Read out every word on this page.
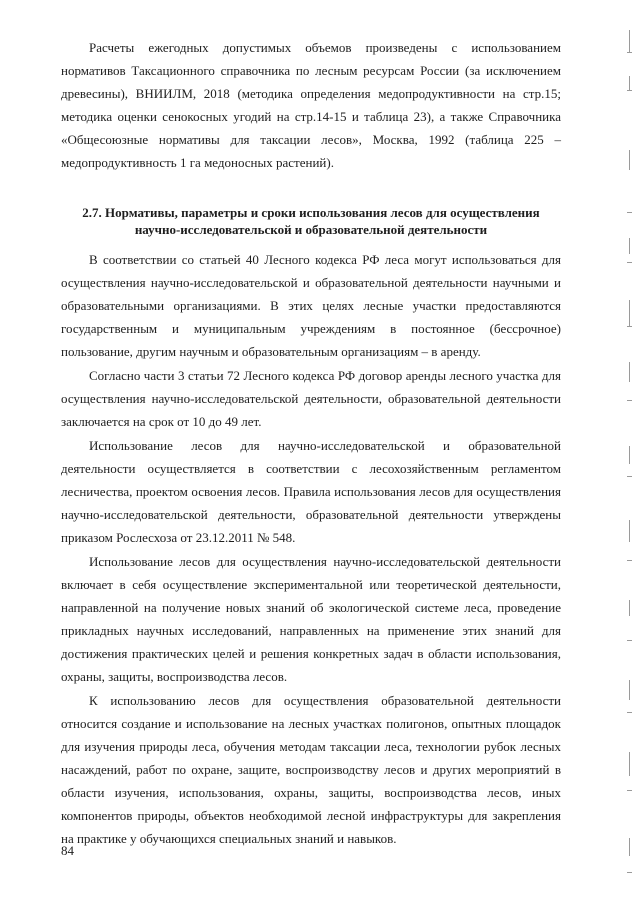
Расчеты ежегодных допустимых объемов произведены с использованием нормативов Таксационного справочника по лесным ресурсам России (за исключением древесины), ВНИИЛМ, 2018 (методика определения медопродуктивности на стр.15; методика оценки сенокосных угодий на стр.14-15 и таблица 23), а также Справочника «Общесоюзные нормативы для таксации лесов», Москва, 1992 (таблица 225 – медопродуктивность 1 га медоносных растений).

2.7. Нормативы, параметры и сроки использования лесов для осуществления
научно-исследовательской и образовательной деятельности

В соответствии со статьей 40 Лесного кодекса РФ леса могут использоваться для осуществления научно-исследовательской и образовательной деятельности научными и образовательными организациями. В этих целях лесные участки предоставляются государственным и муниципальным учреждениям в постоянное (бессрочное) пользование, другим научным и образовательным организациям – в аренду.

Согласно части 3 статьи 72 Лесного кодекса РФ договор аренды лесного участка для осуществления научно-исследовательской деятельности, образовательной деятельности заключается на срок от 10 до 49 лет.

Использование лесов для научно-исследовательской и образовательной деятельности осуществляется в соответствии с лесохозяйственным регламентом лесничества, проектом освоения лесов. Правила использования лесов для осуществления научно-исследовательской деятельности, образовательной деятельности утверждены приказом Рослесхоза от 23.12.2011 № 548.

Использование лесов для осуществления научно-исследовательской деятельности включает в себя осуществление экспериментальной или теоретической деятельности, направленной на получение новых знаний об экологической системе леса, проведение прикладных научных исследований, направленных на применение этих знаний для достижения практических целей и решения конкретных задач в области использования, охраны, защиты, воспроизводства лесов.

К использованию лесов для осуществления образовательной деятельности относится создание и использование на лесных участках полигонов, опытных площадок для изучения природы леса, обучения методам таксации леса, технологии рубок лесных насаждений, работ по охране, защите, воспроизводству лесов и других мероприятий в области изучения, использования, охраны, защиты, воспроизводства лесов, иных компонентов природы, объектов необходимой лесной инфраструктуры для закрепления на практике у обучающихся специальных знаний и навыков.

84
